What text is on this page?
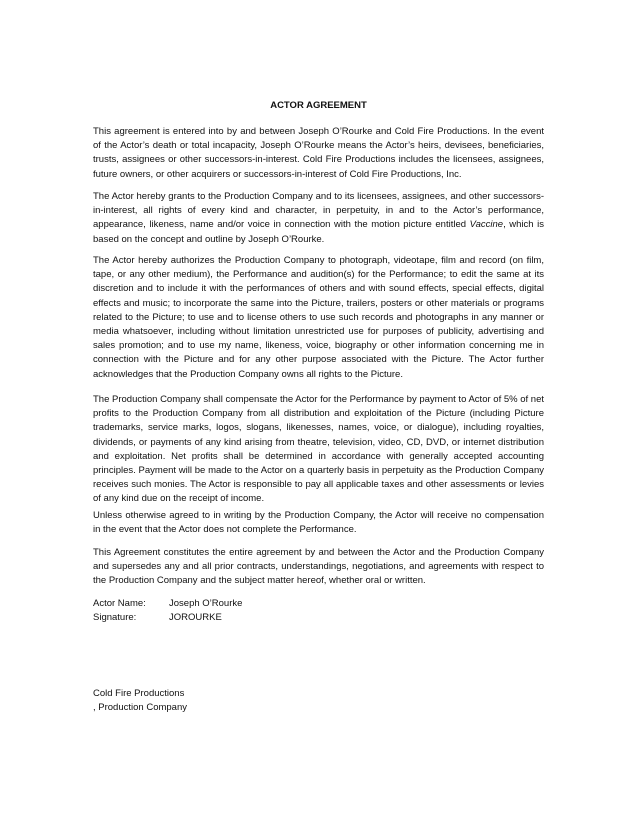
ACTOR AGREEMENT

This agreement is entered into by and between Joseph O’Rourke and Cold Fire Productions. In the event of the Actor’s death or total incapacity, Joseph O’Rourke means the Actor’s heirs, devisees, beneficiaries, trusts, assignees or other successors-in-interest. Cold Fire Productions includes the licensees, assignees, future owners, or other acquirers or successors-in-interest of Cold Fire Productions, Inc.

The Actor hereby grants to the Production Company and to its licensees, assignees, and other successors-in-interest, all rights of every kind and character, in perpetuity, in and to the Actor’s performance, appearance, likeness, name and/or voice in connection with the motion picture entitled Vaccine, which is based on the concept and outline by Joseph O’Rourke.

The Actor hereby authorizes the Production Company to photograph, videotape, film and record (on film, tape, or any other medium), the Performance and audition(s) for the Performance; to edit the same at its discretion and to include it with the performances of others and with sound effects, special effects, digital effects and music; to incorporate the same into the Picture, trailers, posters or other materials or programs related to the Picture; to use and to license others to use such records and photographs in any manner or media whatsoever, including without limitation unrestricted use for purposes of publicity, advertising and sales promotion; and to use my name, likeness, voice, biography or other information concerning me in connection with the Picture and for any other purpose associated with the Picture. The Actor further acknowledges that the Production Company owns all rights to the Picture.

The Production Company shall compensate the Actor for the Performance by payment to Actor of 5% of net profits to the Production Company from all distribution and exploitation of the Picture (including Picture trademarks, service marks, logos, slogans, likenesses, names, voice, or dialogue), including royalties, dividends, or payments of any kind arising from theatre, television, video, CD, DVD, or internet distribution and exploitation. Net profits shall be determined in accordance with generally accepted accounting principles. Payment will be made to the Actor on a quarterly basis in perpetuity as the Production Company receives such monies. The Actor is responsible to pay all applicable taxes and other assessments or levies of any kind due on the receipt of income.

Unless otherwise agreed to in writing by the Production Company, the Actor will receive no compensation in the event that the Actor does not complete the Performance.

This Agreement constitutes the entire agreement by and between the Actor and the Production Company and supersedes any and all prior contracts, understandings, negotiations, and agreements with respect to the Production Company and the subject matter hereof, whether oral or written.

Actor Name: Joseph O’Rourke
Signature:	JOROURKE
Cold Fire Productions
, Production Company
